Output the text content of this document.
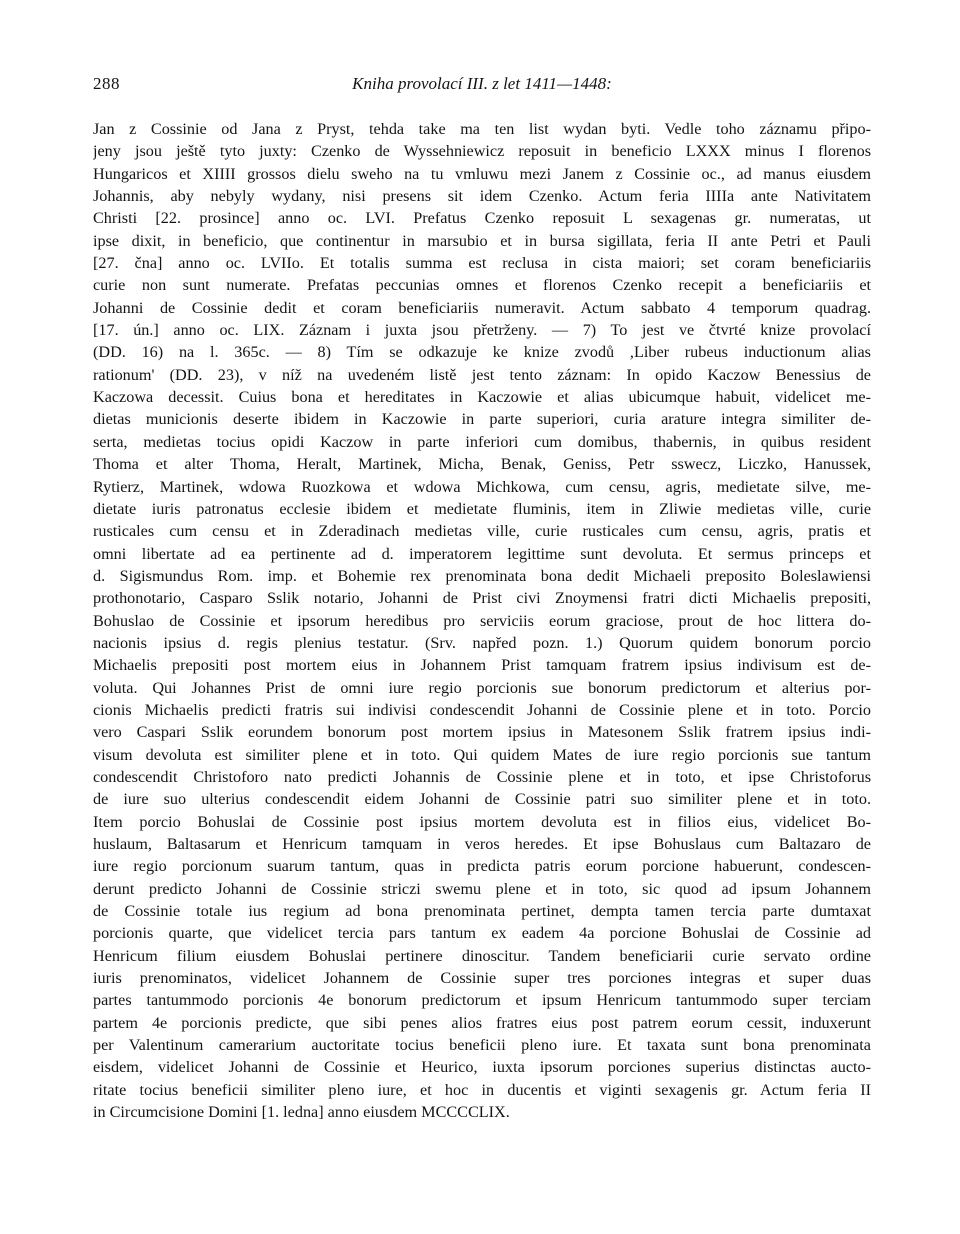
288	Kniha provolací III. z let 1411—1448:
Jan z Cossinie od Jana z Pryst, tehda take ma ten list wydan byti. Vedle toho záznamu připo-
jeny jsou ještě tyto juxty: Czenko de Wyssehniewicz reposuit in beneficio LXXX minus I florenos
Hungaricos et XIIII grossos dielu sweho na tu vmluwu mezi Janem z Cossinie oc., ad manus eiusdem
Johannis, aby nebyly wydany, nisi presens sit idem Czenko. Actum feria IIIIa ante Nativitatem
Christi [22. prosince] anno oc. LVI. Prefatus Czenko reposuit L sexagenas gr. numeratas, ut
ipse dixit, in beneficio, que continentur in marsubio et in bursa sigillata, feria II ante Petri et Pauli
[27. čna] anno oc. LVIIo. Et totalis summa est reclusa in cista maiori; set coram beneficiariis
curie non sunt numerate. Prefatas peccunias omnes et florenos Czenko recepit a beneficiariis et
Johanni de Cossinie dedit et coram beneficiariis numeravit. Actum sabbato 4 temporum quadrag.
[17. ún.] anno oc. LIX. Záznam i juxta jsou přetrženy. — 7) To jest ve čtvrté knize provolací
(DD. 16) na l. 365c. — 8) Tím se odkazuje ke knize zvodů ,Liber rubeus inductionum alias
rationum' (DD. 23), v níž na uvedeném listě jest tento záznam: In opido Kaczow Benessius de
Kaczowa decessit. Cuius bona et hereditates in Kaczowie et alias ubicumque habuit, videlicet me-
dietas municionis deserte ibidem in Kaczowie in parte superiori, curia arature integra similiter de-
serta, medietas tocius opidi Kaczow in parte inferiori cum domibus, thabernis, in quibus resident
Thoma et alter Thoma, Heralt, Martinek, Micha, Benak, Geniss, Petr sswecz, Liczko, Hanussek,
Rytierz, Martinek, wdowa Ruozkowa et wdowa Michkowa, cum censu, agris, medietate silve, me-
dietate iuris patronatus ecclesie ibidem et medietate fluminis, item in Zliwie medietas ville, curie
rusticales cum censu et in Zderadinach medietas ville, curie rusticales cum censu, agris, pratis et
omni libertate ad ea pertinente ad d. imperatorem legittime sunt devoluta. Et sermus princeps et
d. Sigismundus Rom. imp. et Bohemie rex prenominata bona dedit Michaeli preposito Boleslawiensi
prothonotario, Casparo Sslik notario, Johanni de Prist civi Znoymensi fratri dicti Michaelis prepositi,
Bohuslao de Cossinie et ipsorum heredibus pro serviciis eorum graciose, prout de hoc littera do-
nacionis ipsius d. regis plenius testatur. (Srv. napřed pozn. 1.) Quorum quidem bonorum porcio
Michaelis prepositi post mortem eius in Johannem Prist tamquam fratrem ipsius indivisum est de-
voluta. Qui Johannes Prist de omni iure regio porcionis sue bonorum predictorum et alterius por-
cionis Michaelis predicti fratris sui indivisi condescendit Johanni de Cossinie plene et in toto. Porcio
vero Caspari Sslik eorundem bonorum post mortem ipsius in Matesonem Sslik fratrem ipsius indi-
visum devoluta est similiter plene et in toto. Qui quidem Mates de iure regio porcionis sue tantum
condescendit Christoforo nato predicti Johannis de Cossinie plene et in toto, et ipse Christoforus
de iure suo ulterius condescendit eidem Johanni de Cossinie patri suo similiter plene et in toto.
Item porcio Bohuslai de Cossinie post ipsius mortem devoluta est in filios eius, videlicet Bo-
huslaum, Baltasarum et Henricum tamquam in veros heredes. Et ipse Bohuslaus cum Baltazaro de
iure regio porcionum suarum tantum, quas in predicta patris eorum porcione habuerunt, condescen-
derunt predicto Johanni de Cossinie striczi swemu plene et in toto, sic quod ad ipsum Johannem
de Cossinie totale ius regium ad bona prenominata pertinet, dempta tamen tercia parte dumtaxat
porcionis quarte, que videlicet tercia pars tantum ex eadem 4a porcione Bohuslai de Cossinie ad
Henricum filium eiusdem Bohuslai pertinere dinoscitur. Tandem beneficiarii curie servato ordine
iuris prenominatos, videlicet Johannem de Cossinie super tres porciones integras et super duas
partes tantummodo porcionis 4e bonorum predictorum et ipsum Henricum tantummodo super terciam
partem 4e porcionis predicte, que sibi penes alios fratres eius post patrem eorum cessit, induxerunt
per Valentinum camerarium auctoritate tocius beneficii pleno iure. Et taxata sunt bona prenominata
eisdem, videlicet Johanni de Cossinie et Heurico, iuxta ipsorum porciones superius distinctas aucto-
ritate tocius beneficii similiter pleno iure, et hoc in ducentis et viginti sexagenis gr. Actum feria II
in Circumcisione Domini [1. ledna] anno eiusdem MCCCCLIX.
